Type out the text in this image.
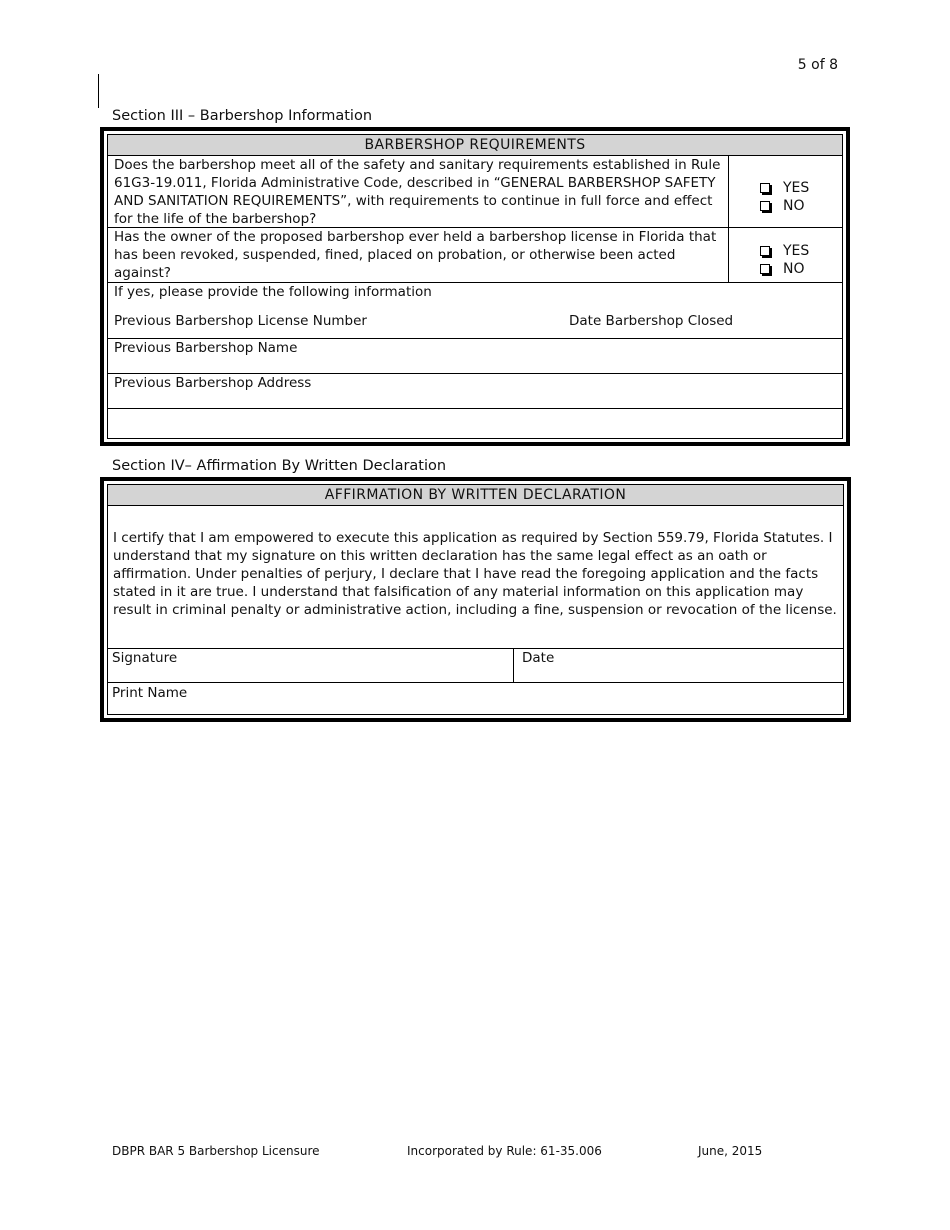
5 of 8
Section III – Barbershop Information
BARBERSHOP REQUIREMENTS
Does the barbershop meet all of the safety and sanitary requirements established in Rule 61G3-19.011, Florida Administrative Code, described in “GENERAL BARBERSHOP SAFETY AND SANITATION REQUIREMENTS”, with requirements to continue in full force and effect for the life of the barbershop?
YES
NO
Has the owner of the proposed barbershop ever held a barbershop license in Florida that has been revoked, suspended, fined, placed on probation, or otherwise been acted against?
YES
NO
If yes, please provide the following information
Previous Barbershop License Number	Date Barbershop Closed
Previous Barbershop Name
Previous Barbershop Address
Section IV– Affirmation By Written Declaration
AFFIRMATION BY WRITTEN DECLARATION
I certify that I am empowered to execute this application as required by Section 559.79, Florida Statutes. I understand that my signature on this written declaration has the same legal effect as an oath or affirmation. Under penalties of perjury, I declare that I have read the foregoing application and the facts stated in it are true. I understand that falsification of any material information on this application may result in criminal penalty or administrative action, including a fine, suspension or revocation of the license.
Signature	Date
Print Name
DBPR BAR 5 Barbershop Licensure	Incorporated by Rule: 61-35.006	June, 2015
